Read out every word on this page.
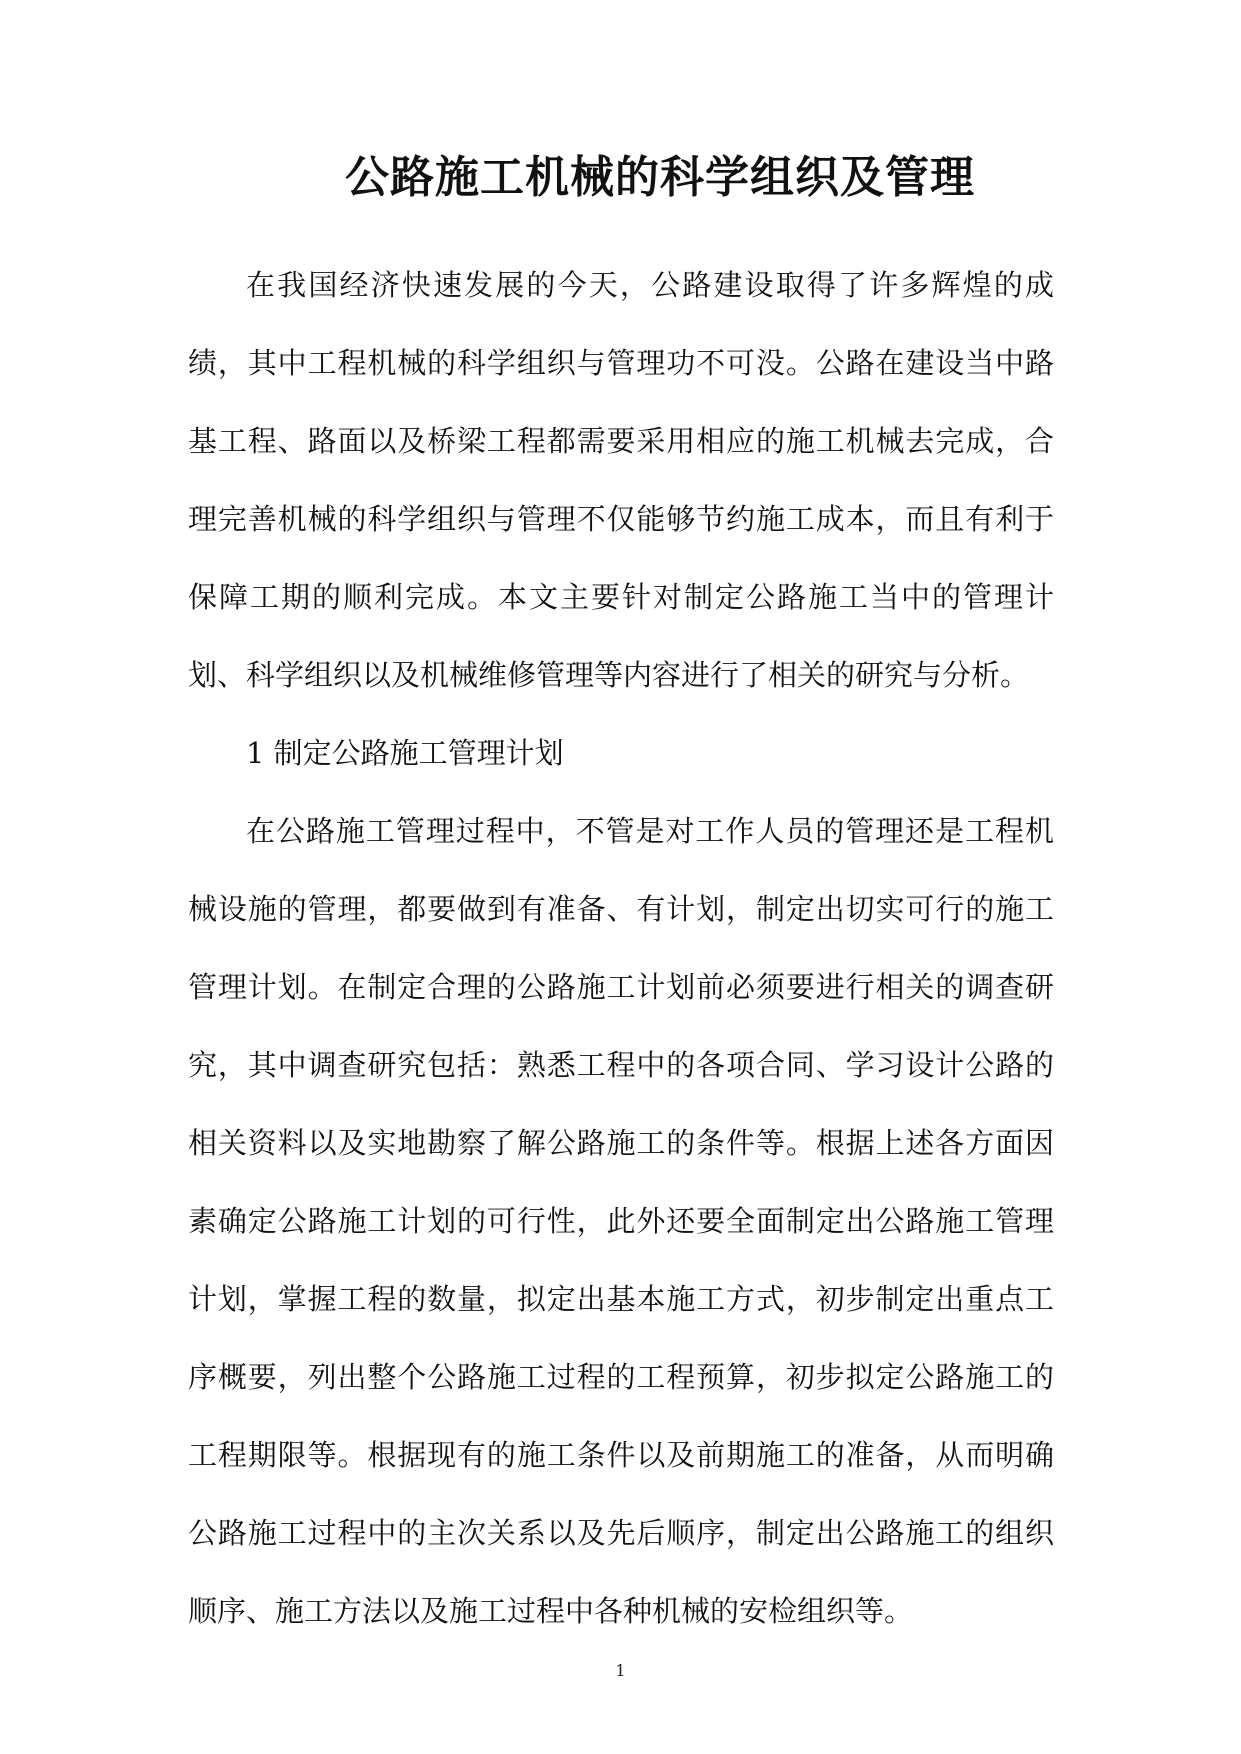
公路施工机械的科学组织及管理

在我国经济快速发展的今天，公路建设取得了许多辉煌的成绩，其中工程机械的科学组织与管理功不可没。公路在建设当中路基工程、路面以及桥梁工程都需要采用相应的施工机械去完成，合理完善机械的科学组织与管理不仅能够节约施工成本，而且有利于保障工期的顺利完成。本文主要针对制定公路施工当中的管理计划、科学组织以及机械维修管理等内容进行了相关的研究与分析。

1 制定公路施工管理计划

在公路施工管理过程中，不管是对工作人员的管理还是工程机械设施的管理，都要做到有准备、有计划，制定出切实可行的施工管理计划。在制定合理的公路施工计划前必须要进行相关的调查研究，其中调查研究包括：熟悉工程中的各项合同、学习设计公路的相关资料以及实地勘察了解公路施工的条件等。根据上述各方面因素确定公路施工计划的可行性，此外还要全面制定出公路施工管理计划，掌握工程的数量，拟定出基本施工方式，初步制定出重点工序概要，列出整个公路施工过程的工程预算，初步拟定公路施工的工程期限等。根据现有的施工条件以及前期施工的准备，从而明确公路施工过程中的主次关系以及先后顺序，制定出公路施工的组织顺序、施工方法以及施工过程中各种机械的安检组织等。

1
